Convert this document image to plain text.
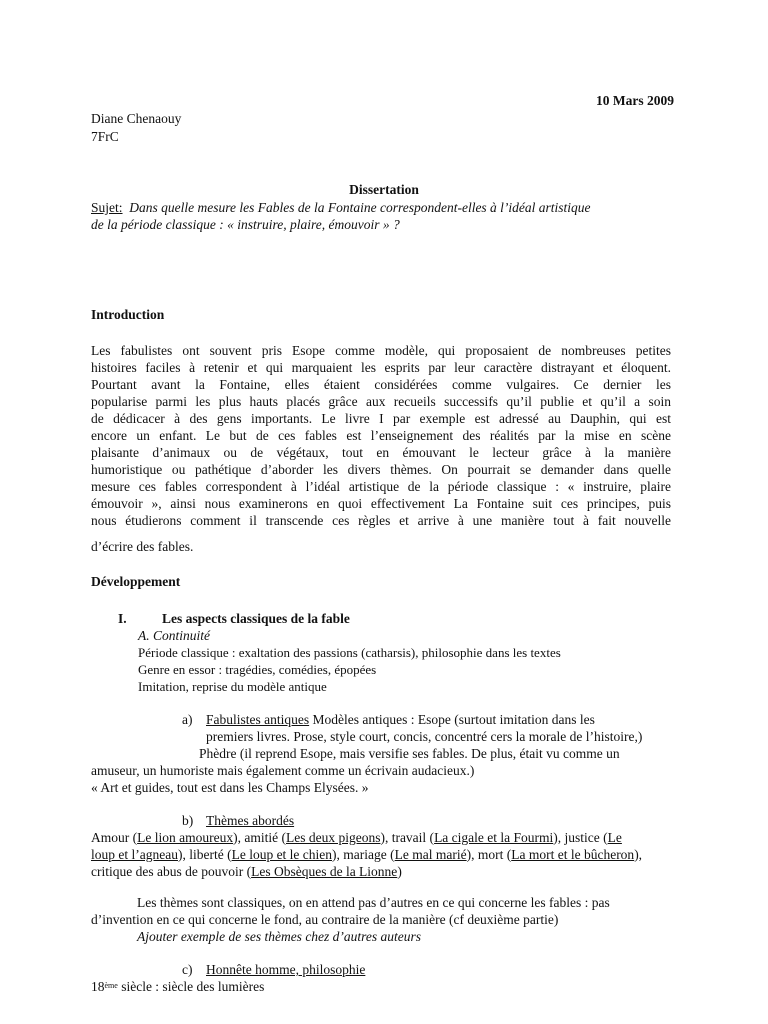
10 Mars 2009
Diane Chenaouy
7FrC
Dissertation
Sujet: Dans quelle mesure les Fables de la Fontaine correspondent-elles à l’idéal artistique
de la période classique : « instruire, plaire, émouvoir » ?
Introduction
Les fabulistes ont souvent pris Esope comme modèle, qui proposaient de nombreuses petites
histoires faciles à retenir et qui marquaient les esprits par leur caractère distrayant et éloquent.
Pourtant avant la Fontaine, elles étaient considérées comme vulgaires. Ce dernier les
popularise parmi les plus hauts placés grâce aux recueils successifs qu’il publie et qu’il a soin
de dédicacer à des gens importants. Le livre I par exemple est adressé au Dauphin, qui est
encore un enfant. Le but de ces fables est l’enseignement des réalités par la mise en scène
plaisante d’animaux ou de végétaux, tout en émouvant le lecteur grâce à la manière
humoristique ou pathétique d’aborder les divers thèmes. On pourrait se demander dans quelle
mesure ces fables correspondent à l’idéal artistique de la période classique : « instruire, plaire
émouvoir », ainsi nous examinerons en quoi effectivement La Fontaine suit ces principes, puis
nous étudierons comment il transcende ces règles et arrive à une manière tout à fait nouvelle
d’écrire des fables.
Développement
I.	Les aspects classiques de la fable
A. Continuité
Période classique : exaltation des passions (catharsis), philosophie dans les textes
Genre en essor : tragédies, comédies, épopées
Imitation, reprise du modèle antique
a) Fabulistes antiques Modèles antiques : Esope (surtout imitation dans les
premiers livres. Prose, style court, concis, concentré cers la morale de l’histoire,)
Phèdre (il reprend Esope, mais versifie ses fables. De plus, était vu comme un
amuseur, un humoriste mais également comme un écrivain audacieux.)
« Art et guides, tout est dans les Champs Elysées. »
b) Thèmes abordés
Amour (Le lion amoureux), amitié (Les deux pigeons), travail (La cigale et la Fourmi), justice (Le
loup et l’agneau), liberté (Le loup et le chien), mariage (Le mal marié), mort (La mort et le bûcheron),
critique des abus de pouvoir (Les Obsèques de la Lionne)
Les thèmes sont classiques, on en attend pas d’autres en ce qui concerne les fables : pas
d’invention en ce qui concerne le fond, au contraire de la manière (cf deuxième partie)
Ajouter exemple de ses thèmes chez d’autres auteurs
c) Honnête homme, philosophie
18ème siècle : siècle des lumières
